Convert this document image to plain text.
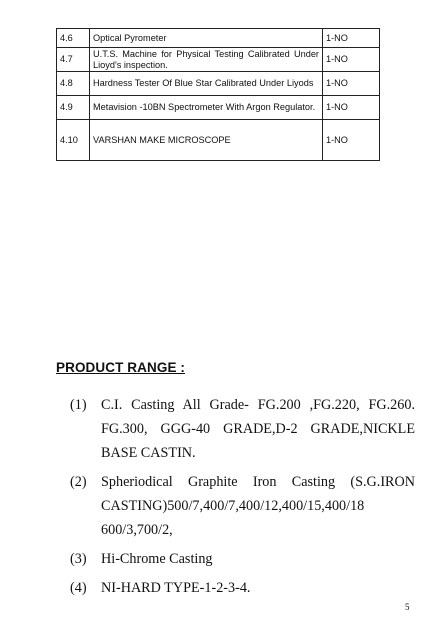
4.6	Optical Pyrometer	1-NO
4.7	U.T.S. Machine for Physical Testing Calibrated Under Lioyd's inspection.	1-NO
4.8	Hardness Tester Of Blue Star Calibrated Under Liyods	1-NO
4.9	Metavision -10BN Spectrometer With Argon Regulator.	1-NO
4.10	VARSHAN MAKE MICROSCOPE	1-NO
PRODUCT RANGE :
(1)	C.I. Casting All Grade- FG.200 ,FG.220, FG.260. FG.300, GGG-40 GRADE,D-2 GRADE,NICKLE BASE CASTIN.
(2)	Spheriodical Graphite Iron Casting (S.G.IRON CASTING)500/7,400/7,400/12,400/15,400/18 600/3,700/2,
(3)	Hi-Chrome Casting
(4)	NI-HARD TYPE-1-2-3-4.
5
